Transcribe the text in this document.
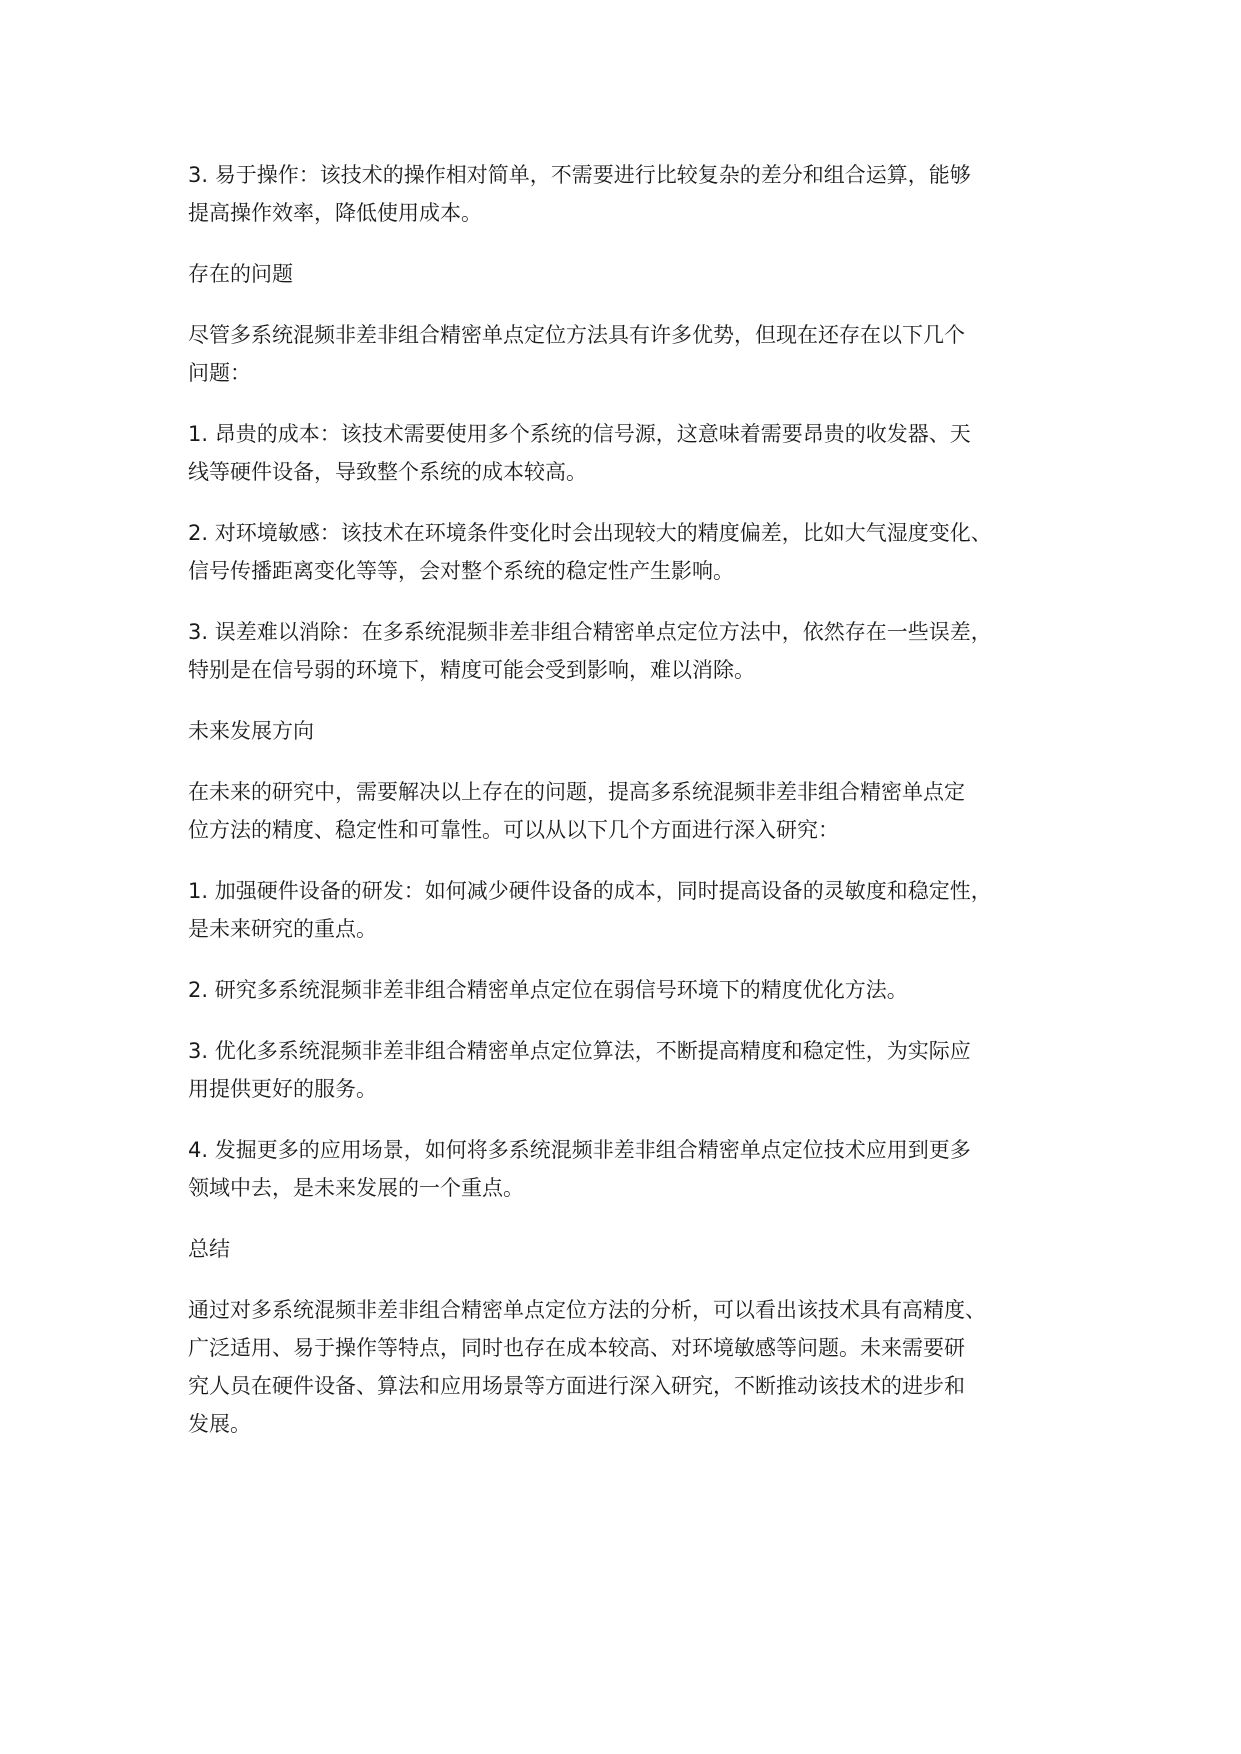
3. 易于操作：该技术的操作相对简单，不需要进行比较复杂的差分和组合运算，能够
提高操作效率，降低使用成本。

存在的问题

尽管多系统混频非差非组合精密单点定位方法具有许多优势，但现在还存在以下几个
问题：

1. 昂贵的成本：该技术需要使用多个系统的信号源，这意味着需要昂贵的收发器、天
线等硬件设备，导致整个系统的成本较高。

2. 对环境敏感：该技术在环境条件变化时会出现较大的精度偏差，比如大气湿度变化、
信号传播距离变化等等，会对整个系统的稳定性产生影响。

3. 误差难以消除：在多系统混频非差非组合精密单点定位方法中，依然存在一些误差，
特别是在信号弱的环境下，精度可能会受到影响，难以消除。

未来发展方向

在未来的研究中，需要解决以上存在的问题，提高多系统混频非差非组合精密单点定
位方法的精度、稳定性和可靠性。可以从以下几个方面进行深入研究：

1. 加强硬件设备的研发：如何减少硬件设备的成本，同时提高设备的灵敏度和稳定性，
是未来研究的重点。

2. 研究多系统混频非差非组合精密单点定位在弱信号环境下的精度优化方法。

3. 优化多系统混频非差非组合精密单点定位算法，不断提高精度和稳定性，为实际应
用提供更好的服务。

4. 发掘更多的应用场景，如何将多系统混频非差非组合精密单点定位技术应用到更多
领域中去，是未来发展的一个重点。

总结

通过对多系统混频非差非组合精密单点定位方法的分析，可以看出该技术具有高精度、
广泛适用、易于操作等特点，同时也存在成本较高、对环境敏感等问题。未来需要研
究人员在硬件设备、算法和应用场景等方面进行深入研究，不断推动该技术的进步和
发展。
